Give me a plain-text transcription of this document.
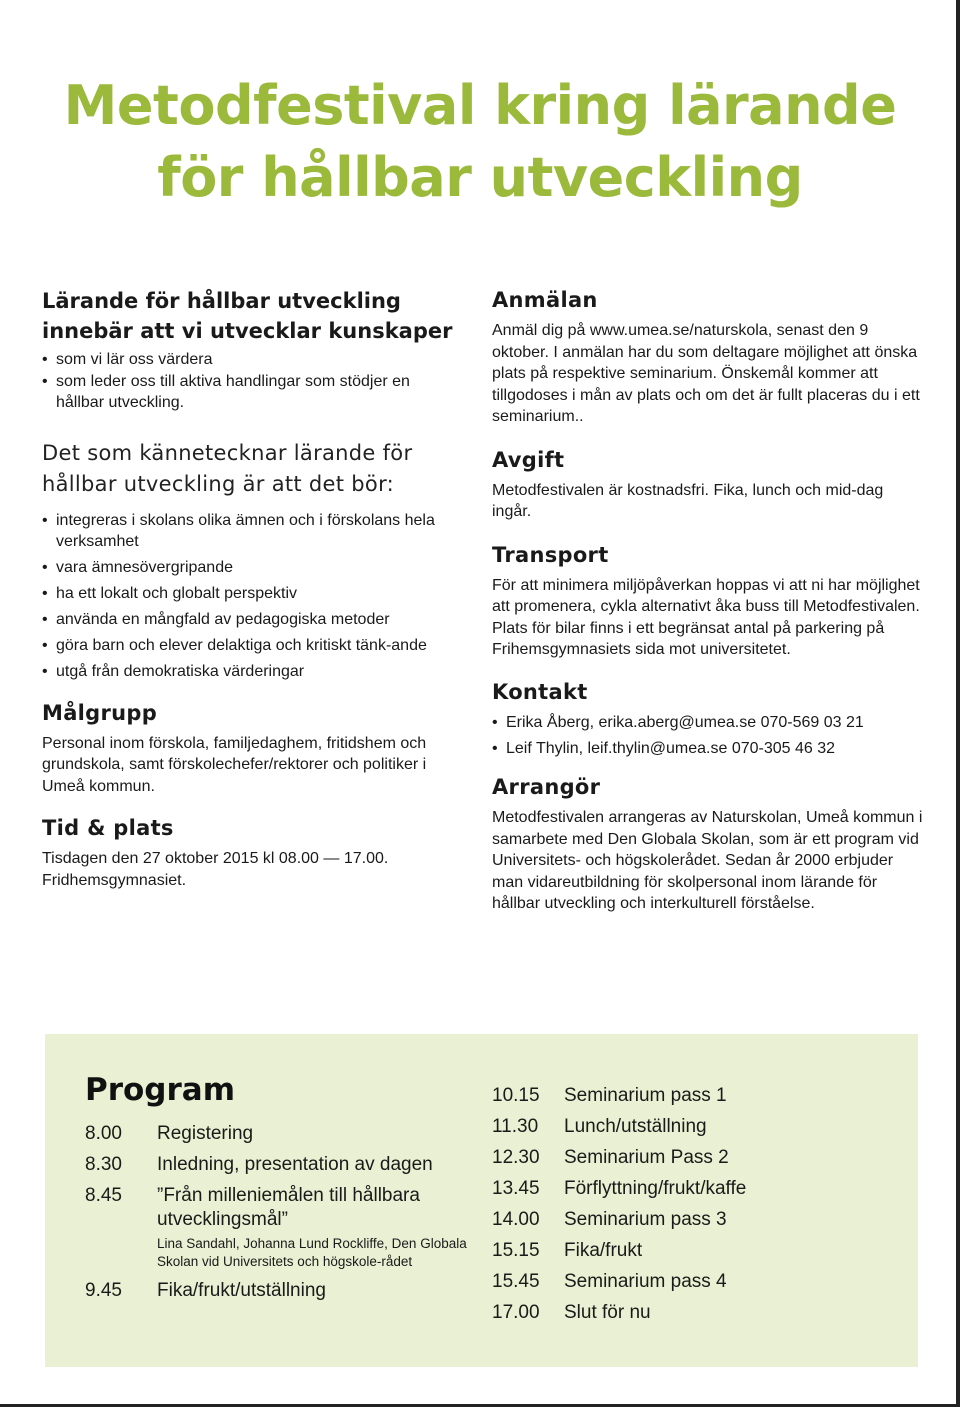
Metodfestival kring lärande
för hållbar utveckling
Lärande för hållbar utveckling
innebär att vi utvecklar kunskaper
• som vi lär oss värdera
• som leder oss till aktiva handlingar som stödjer en hållbar utveckling.
Det som kännetecknar lärande för
hållbar utveckling är att det bör:
• integreras i skolans olika ämnen och i förskolans hela verksamhet
• vara ämnesövergripande
• ha ett lokalt och globalt perspektiv
• använda en mångfald av pedagogiska metoder
• göra barn och elever delaktiga och kritiskt tänk-ande
• utgå från demokratiska värderingar
Målgrupp

Personal inom förskola, familjedaghem, fritidshem och grundskola, samt förskolechefer/rektorer och politiker i Umeå kommun.

Tid & plats

Tisdagen den 27 oktober 2015 kl 08.00 — 17.00. Fridhemsgymnasiet.

Anmälan

Anmäl dig på www.umea.se/naturskola, senast den 9 oktober. I anmälan har du som deltagare möjlighet att önska plats på respektive seminarium. Önskemål kommer att tillgodoses i mån av plats och om det är fullt placeras du i ett seminarium..

Avgift

Metodfestivalen är kostnadsfri. Fika, lunch och mid-dag ingår.

Transport

För att minimera miljöpåverkan hoppas vi att ni har möjlighet att promenera, cykla alternativt åka buss till Metodfestivalen. Plats för bilar finns i ett begränsat antal på parkering på Frihemsgymnasiets sida mot universitetet.

Kontakt
• Erika Åberg, erika.aberg@umea.se 070-569 03 21
• Leif Thylin, leif.thylin@umea.se 070-305 46 32
Arrangör

Metodfestivalen arrangeras av Naturskolan, Umeå kommun i samarbete med Den Globala Skolan, som är ett program vid Universitets- och högskolerådet. Sedan år 2000 erbjuder man vidareutbildning för skolpersonal inom lärande för hållbar utveckling och interkulturell förståelse.

Program
8.00	Registering
8.30	Inledning, presentation av dagen
8.45	”Från milleniemålen till hållbara utvecklingsmål”

Lina Sandahl, Johanna Lund Rockliffe, Den Globala Skolan vid Universitets och högskole-rådet

9.45	Fika/frukt/utställning
10.15	Seminarium pass 1
11.30	Lunch/utställning
12.30	Seminarium Pass 2
13.45	Förflyttning/frukt/kaffe
14.00	Seminarium pass 3
15.15	Fika/frukt
15.45	Seminarium pass 4
17.00	Slut för nu
